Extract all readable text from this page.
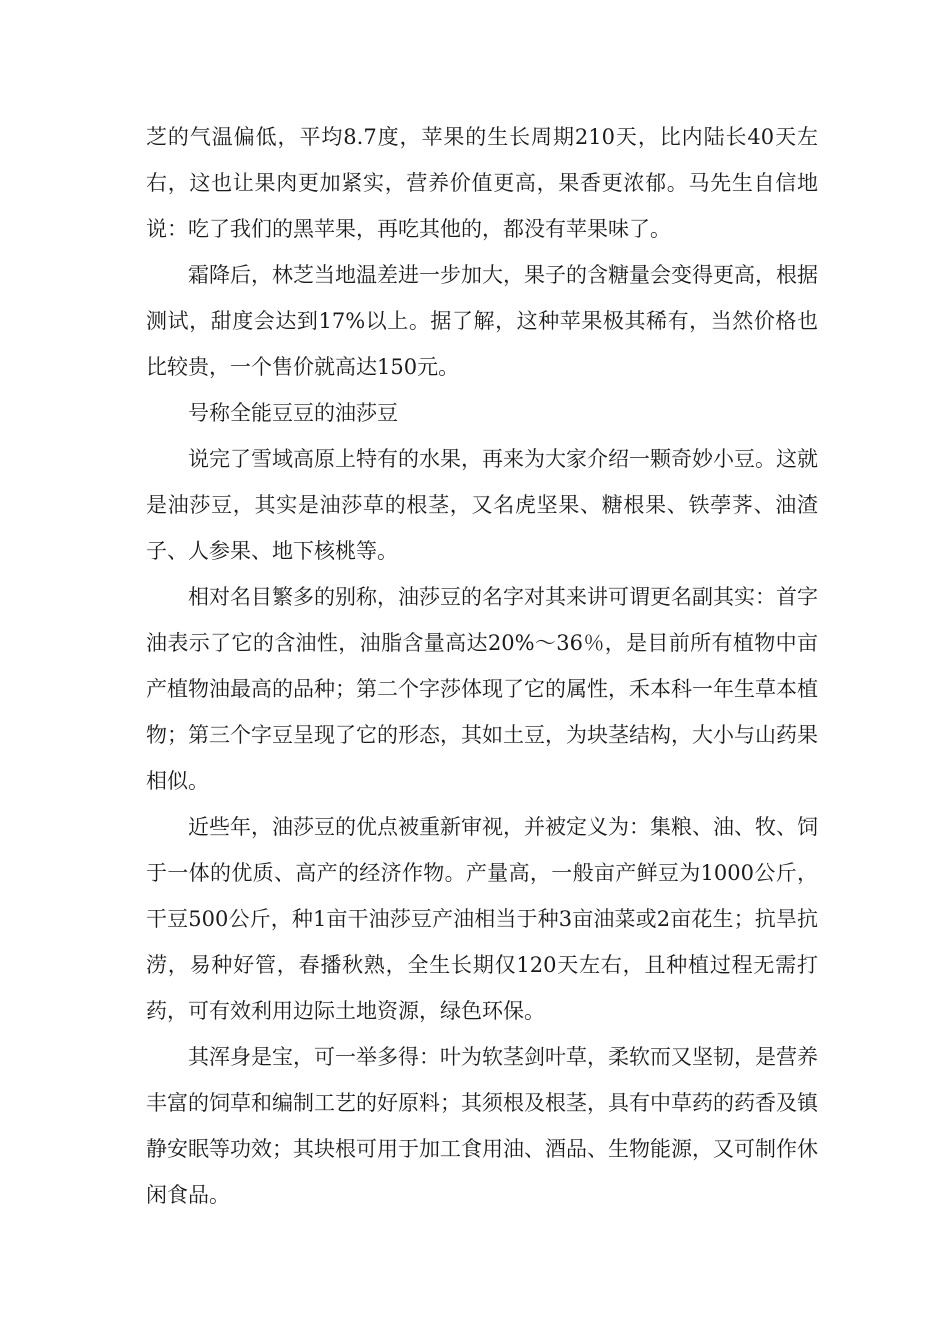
芝的气温偏低，平均8.7度，苹果的生长周期210天，比内陆长40天左右，这也让果肉更加紧实，营养价值更高，果香更浓郁。马先生自信地说：吃了我们的黑苹果，再吃其他的，都没有苹果味了。

霜降后，林芝当地温差进一步加大，果子的含糖量会变得更高，根据测试，甜度会达到17%以上。据了解，这种苹果极其稀有，当然价格也比较贵，一个售价就高达150元。

号称全能豆豆的油莎豆

说完了雪域高原上特有的水果，再来为大家介绍一颗奇妙小豆。这就是油莎豆，其实是油莎草的根茎，又名虎坚果、糖根果、铁荸荠、油渣子、人参果、地下核桃等。

相对名目繁多的别称，油莎豆的名字对其来讲可谓更名副其实：首字油表示了它的含油性，油脂含量高达20%～36％，是目前所有植物中亩产植物油最高的品种；第二个字莎体现了它的属性，禾本科一年生草本植物；第三个字豆呈现了它的形态，其如土豆，为块茎结构，大小与山药果相似。

近些年，油莎豆的优点被重新审视，并被定义为：集粮、油、牧、饲于一体的优质、高产的经济作物。产量高，一般亩产鲜豆为1000公斤，干豆500公斤，种1亩干油莎豆产油相当于种3亩油菜或2亩花生；抗旱抗涝，易种好管，春播秋熟，全生长期仅120天左右，且种植过程无需打药，可有效利用边际土地资源，绿色环保。

其浑身是宝，可一举多得：叶为软茎剑叶草，柔软而又坚韧，是营养丰富的饲草和编制工艺的好原料；其须根及根茎，具有中草药的药香及镇静安眠等功效；其块根可用于加工食用油、酒品、生物能源，又可制作休闲食品。
